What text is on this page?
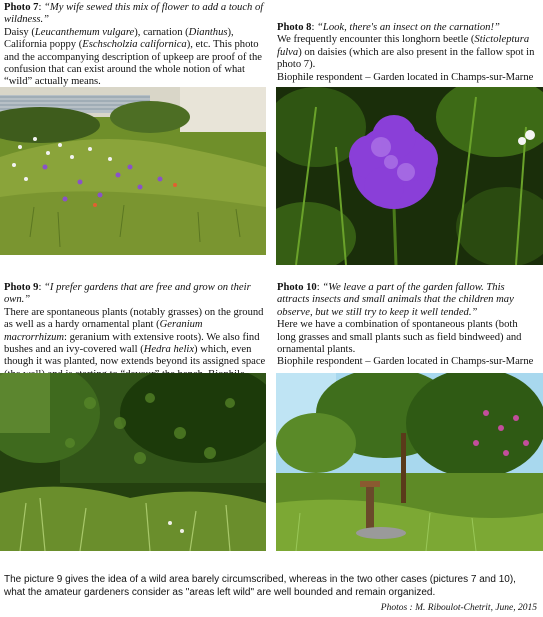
Photo 7: “My wife sewed this mix of flower to add a touch of wildness.”
Daisy (Leucanthemum vulgare), carnation (Dianthus), California poppy (Eschscholzia californica), etc. This photo and the accompanying description of upkeep are proof of the confusion that can exist around the whole notion of what “wild” actually means.

Photo 8: “Look, there's an insect on the carnation!”
We frequently encounter this longhorn beetle (Stictoleptura fulva) on daisies (which are also present in the fallow spot in photo 7).
Biophile respondent – Garden located in Champs-sur-Marne
Photo 9: “I prefer gardens that are free and grow on their own.”
There are spontaneous plants (notably grasses) on the ground as well as a hardy ornamental plant (Geranium macrorrhizum: geranium with extensive roots). We also find bushes and an ivy-covered wall (Hedra helix) which, even though it was planted, now extends beyond its assigned space
Photo 10: “We leave a part of the garden fallow. This attracts insects and small animals that the children may observe, but we still try to keep it well tended.”
Here we have a combination of spontaneous plants (both long grasses and small plants such as field bindweed) and ornamental plants.
Biophile respondent – Garden located in Champs-sur-Marne
The picture 9 gives the idea of a wild area barely circumscribed, whereas in the two other cases (pictures 7 and 10), what the amateur gardeners consider as "areas left wild" are well bounded and remain organized.
Photos : M. Riboulot-Chetrit, June, 2015
